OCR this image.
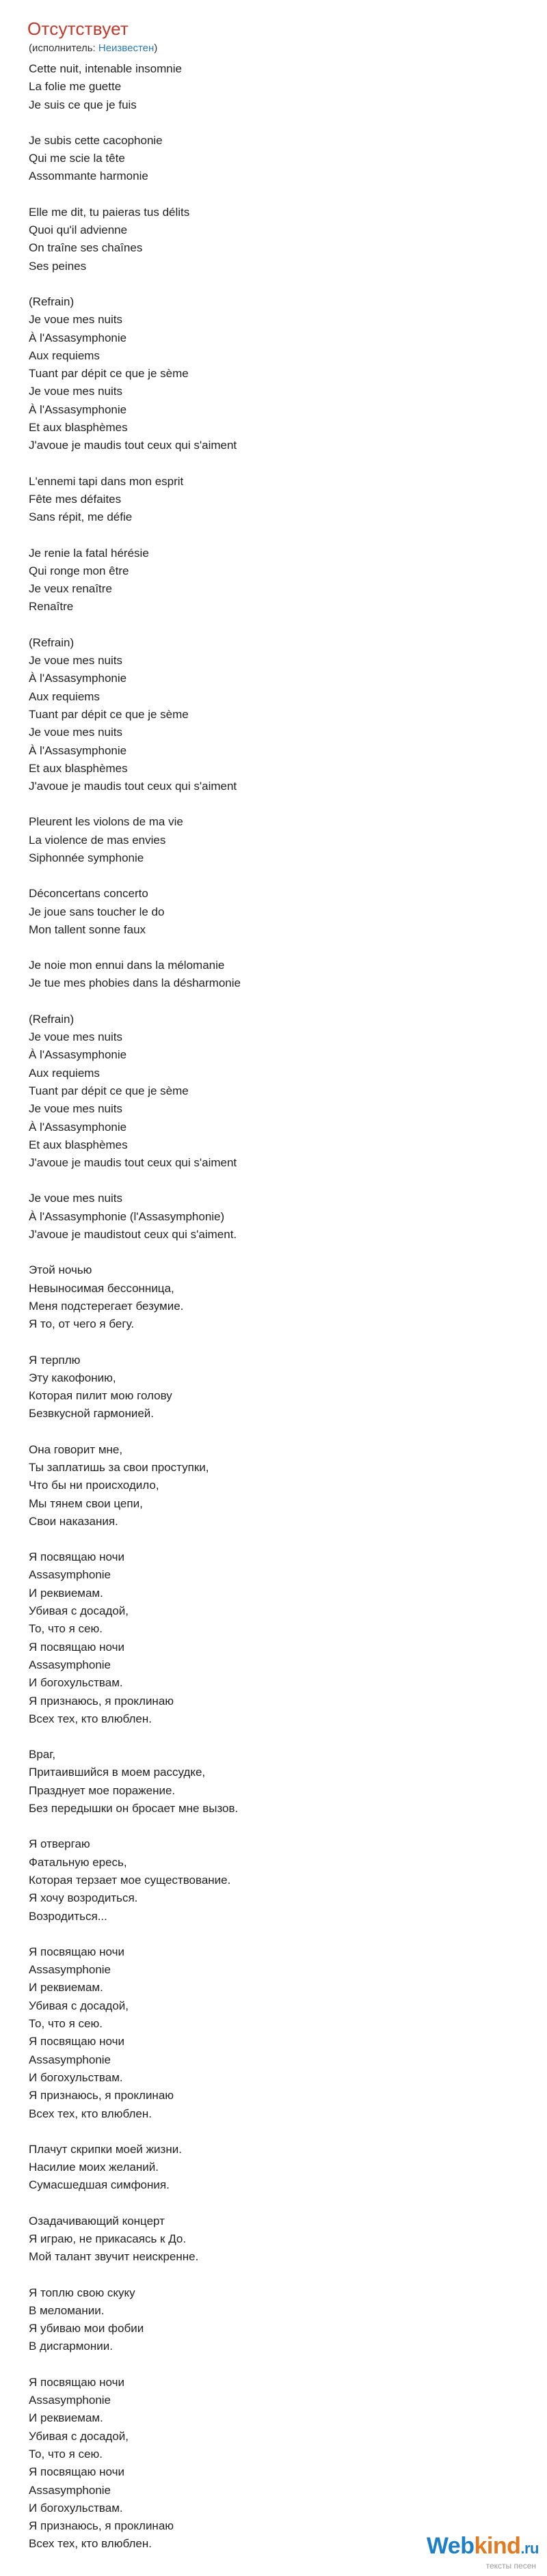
Отсутствует
(исполнитель: Неизвестен)
Cette nuit, intenable insomnie
La folie me guette
Je suis ce que je fuis
Je subis cette cacophonie
Qui me scie la tête
Assommante harmonie
Elle me dit, tu paieras tus délits
Quoi qu'il advienne
On traîne ses chaînes
Ses peines
(Refrain)
Je voue mes nuits
À l'Assasymphonie
Aux requiems
Tuant par dépit ce que je sème
Je voue mes nuits
À l'Assasymphonie
Et aux blasphèmes
J'avoue je maudis tout ceux qui s'aiment
L'ennemi tapi dans mon esprit
Fête mes défaites
Sans répit, me défie
Je renie la fatal hérésie
Qui ronge mon être
Je veux renaître
Renaître
(Refrain)
Je voue mes nuits
À l'Assasymphonie
Aux requiems
Tuant par dépit ce que je sème
Je voue mes nuits
À l'Assasymphonie
Et aux blasphèmes
J'avoue je maudis tout ceux qui s'aiment
Pleurent les violons de ma vie
La violence de mas envies
Siphonnée symphonie
Déconcertans concerto
Je joue sans toucher le do
Mon tallent sonne faux
Je noie mon ennui dans la mélomanie
Je tue mes phobies dans la désharmonie
(Refrain)
Je voue mes nuits
À l'Assasymphonie
Aux requiems
Tuant par dépit ce que je sème
Je voue mes nuits
À l'Assasymphonie
Et aux blasphèmes
J'avoue je maudis tout ceux qui s'aiment
Je voue mes nuits
À l'Assasymphonie (l'Assasymphonie)
J'avoue je maudistout ceux qui s'aiment.
Этой ночью
Невыносимая бессонница,
Меня подстерегает безумие.
Я то, от чего я бегу.
Я терплю
Эту какофонию,
Которая пилит мою голову
Безвкусной гармонией.
Она говорит мне,
Ты заплатишь за свои проступки,
Что бы ни происходило,
Мы тянем свои цепи,
Свои наказания.
Я посвящаю ночи
Assasymphonie
И реквиемам.
Убивая с досадой,
То, что я сею.
Я посвящаю ночи
Assasymphonie
И богохульствам.
Я признаюсь, я проклинаю
Всех тех, кто влюблен.
Враг,
Притаившийся в моем рассудке,
Празднует мое поражение.
Без передышки он бросает мне вызов.
Я отвергаю
Фатальную ересь,
Которая терзает мое существование.
Я хочу возродиться.
Возродиться...
Я посвящаю ночи
Assasymphonie
И реквиемам.
Убивая с досадой,
То, что я сею.
Я посвящаю ночи
Assasymphonie
И богохульствам.
Я признаюсь, я проклинаю
Всех тех, кто влюблен.
Плачут скрипки моей жизни.
Насилие моих желаний.
Сумасшедшая симфония.
Озадачивающий концерт
Я играю, не прикасаясь к До.
Мой талант звучит неискренне.
Я топлю свою скуку
В меломании.
Я убиваю мои фобии
В дисгармонии.
Я посвящаю ночи
Assasymphonie
И реквиемам.
Убивая с досадой,
То, что я сею.
Я посвящаю ночи
Assasymphonie
И богохульствам.
Я признаюсь, я проклинаю
Всех тех, кто влюблен.	Webkind.ru
тексты песен
